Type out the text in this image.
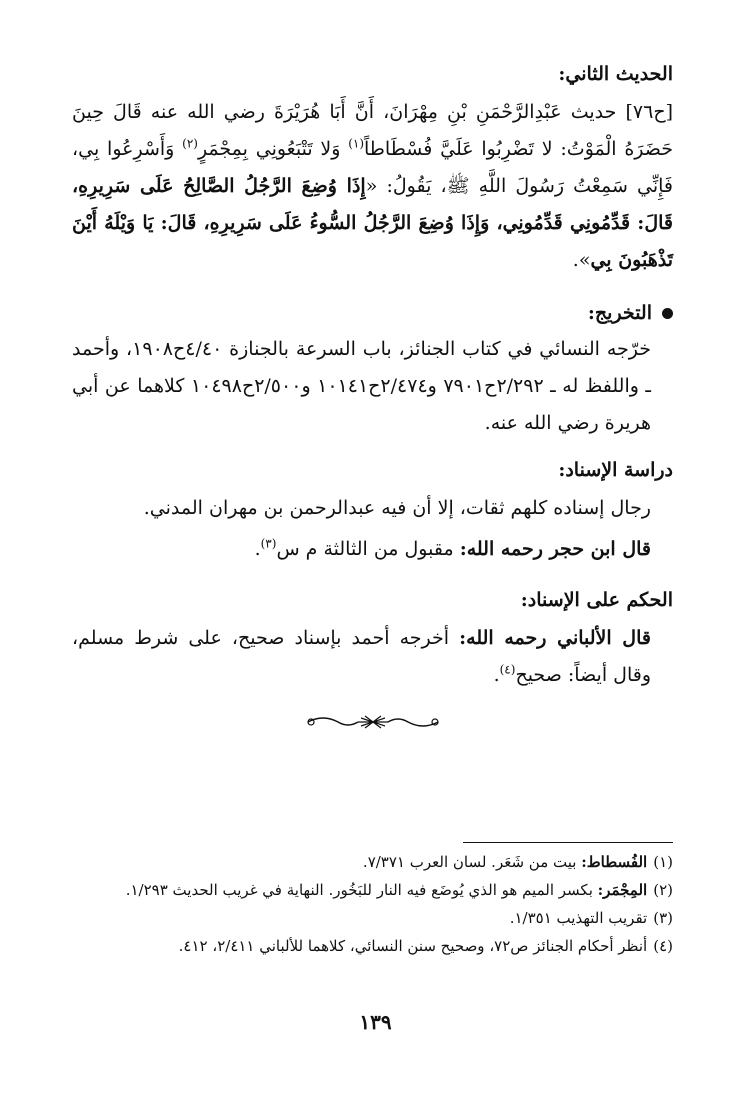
الحديث الثاني:

[ح٧٦] حديث عَبْدِالرَّحْمَنِ بْنِ مِهْرَانَ، أَنَّ أَبَا هُرَيْرَةَ رضي الله عنه قَالَ حِينَ حَضَرَهُ الْمَوْتُ: لا تَضْرِبُوا عَلَيَّ فُسْطَاطاً$^{(١)}$ وَلا تَتْبَعُونِي بِمِجْمَرٍ$^{(٢)}$ وَأَسْرِعُوا بِي، فَإِنِّي سَمِعْتُ رَسُولَ اللَّهِ ﷺ، يَقُولُ: «إِذَا وُضِعَ الرَّجُلُ الصَّالِحُ عَلَى سَرِيرِهِ، قَالَ: قَدِّمُونِي قَدِّمُونِي، وَإِذَا وُضِعَ الرَّجُلُ السُّوءُ عَلَى سَرِيرِهِ، قَالَ: يَا وَيْلَهُ أَيْنَ تَذْهَبُونَ بِي».

التخريج:

خرّجه النسائي في كتاب الجنائز، باب السرعة بالجنازة ٤/٤٠ح١٩٠٨، وأحمد ـ واللفظ له ـ ٢/٢٩٢ح٧٩٠١ و٢/٤٧٤ح١٠١٤١ و٢/٥٠٠ح١٠٤٩٨ كلاهما عن أبي هريرة رضي الله عنه.

دراسة الإسناد:

رجال إسناده كلهم ثقات، إلا أن فيه عبدالرحمن بن مهران المدني.

قال ابن حجر رحمه الله: مقبول من الثالثة م س$^{(٣)}$.

الحكم على الإسناد:

قال الألباني رحمه الله: أخرجه أحمد بإسناد صحيح، على شرط مسلم، وقال أيضاً: صحيح$^{(٤)}$.

(١)
الفُسطاط: بيت من شَعَر. لسان العرب ٧/٣٧١.

(٢)
المِجْمَر: بكسر الميم هو الذي يُوضَع فيه النار للبَخُور. النهاية في غريب الحديث ١/٢٩٣.

(٣)
تقريب التهذيب ١/٣٥١.

(٤)
أنظر أحكام الجنائز ص٧٢، وصحيح سنن النسائي، كلاهما للألباني ٢/٤١١، ٤١٢.

١٣٩
